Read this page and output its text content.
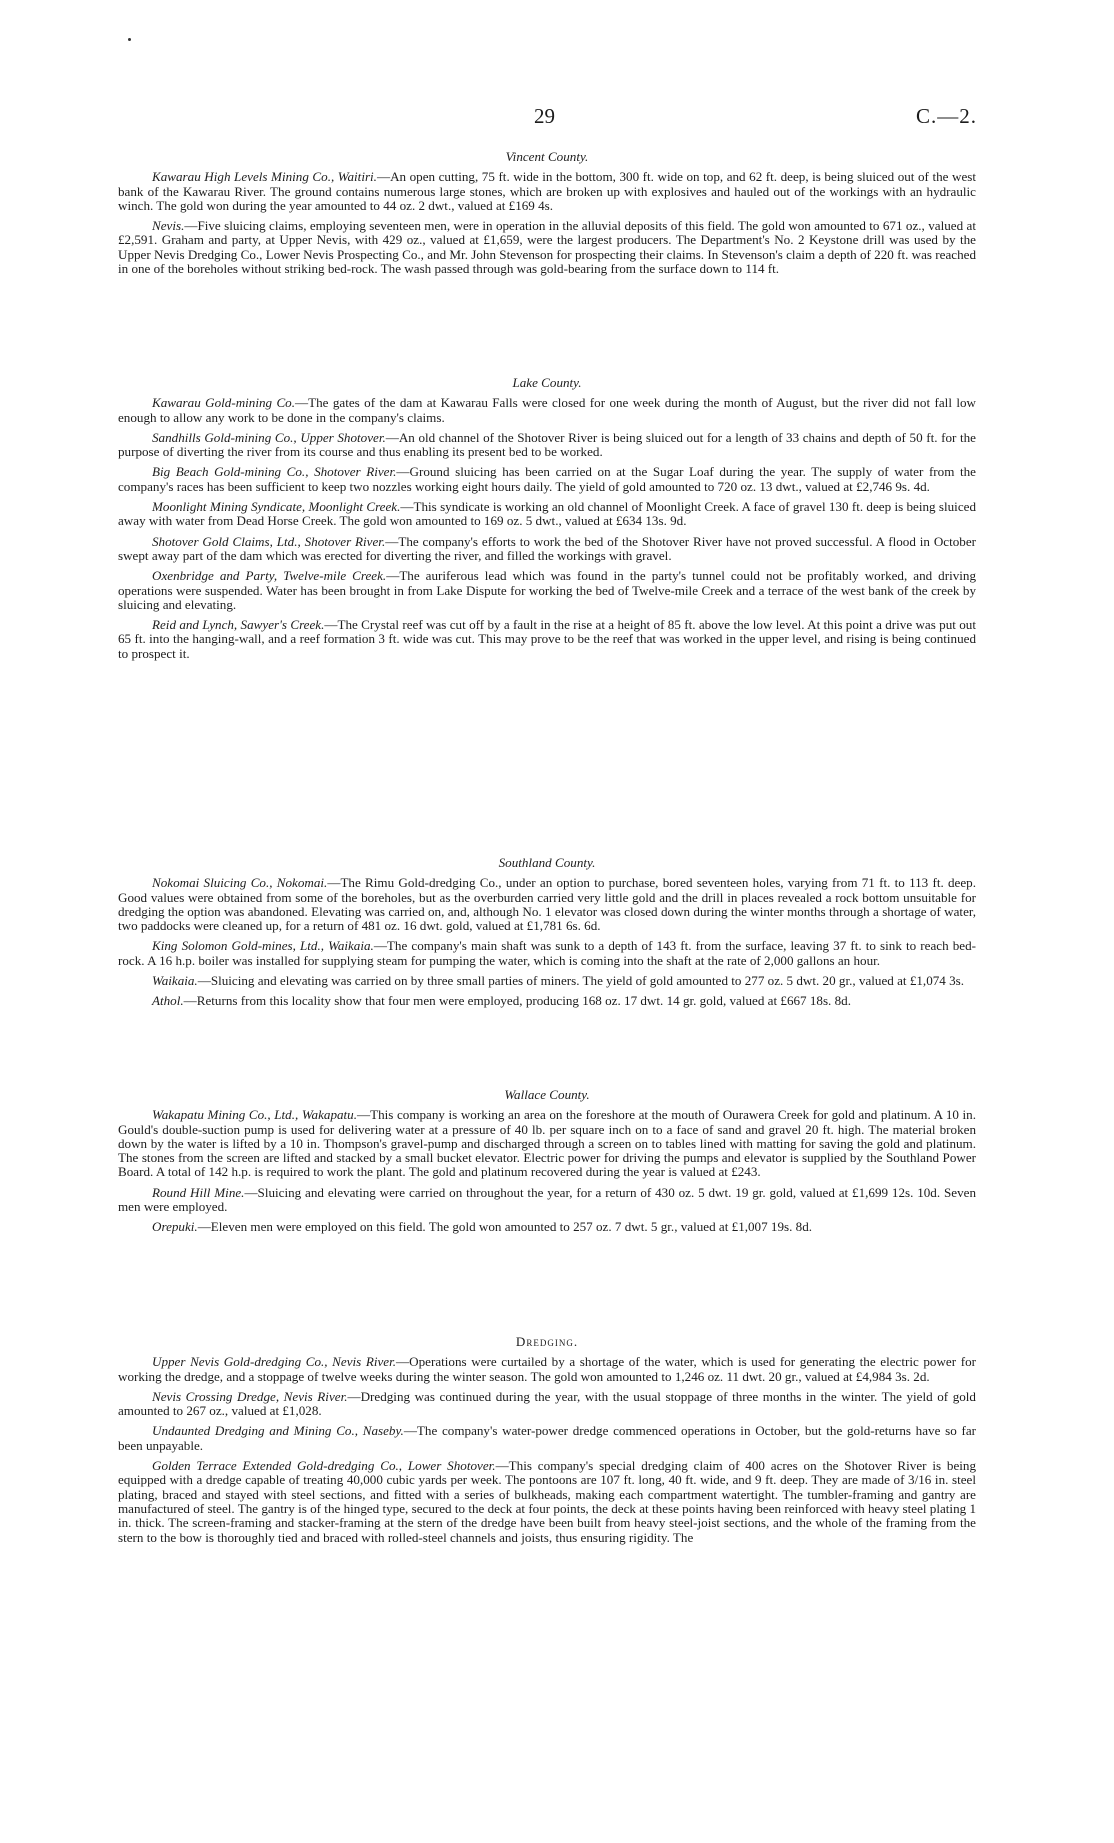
29	C.—2.
Vincent County.

Kawarau High Levels Mining Co., Waitiri.—An open cutting, 75 ft. wide in the bottom, 300 ft. wide on top, and 62 ft. deep, is being sluiced out of the west bank of the Kawarau River. The ground contains numerous large stones, which are broken up with explosives and hauled out of the workings with an hydraulic winch. The gold won during the year amounted to 44 oz. 2 dwt., valued at £169 4s.

Nevis.—Five sluicing claims, employing seventeen men, were in operation in the alluvial deposits of this field. The gold won amounted to 671 oz., valued at £2,591. Graham and party, at Upper Nevis, with 429 oz., valued at £1,659, were the largest producers. The Department's No. 2 Keystone drill was used by the Upper Nevis Dredging Co., Lower Nevis Prospecting Co., and Mr. John Stevenson for prospecting their claims. In Stevenson's claim a depth of 220 ft. was reached in one of the boreholes without striking bed-rock. The wash passed through was gold-bearing from the surface down to 114 ft.

Lake County.

Kawarau Gold-mining Co.—The gates of the dam at Kawarau Falls were closed for one week during the month of August, but the river did not fall low enough to allow any work to be done in the company's claims.

Sandhills Gold-mining Co., Upper Shotover.—An old channel of the Shotover River is being sluiced out for a length of 33 chains and depth of 50 ft. for the purpose of diverting the river from its course and thus enabling its present bed to be worked.

Big Beach Gold-mining Co., Shotover River.—Ground sluicing has been carried on at the Sugar Loaf during the year. The supply of water from the company's races has been sufficient to keep two nozzles working eight hours daily. The yield of gold amounted to 720 oz. 13 dwt., valued at £2,746 9s. 4d.

Moonlight Mining Syndicate, Moonlight Creek.—This syndicate is working an old channel of Moonlight Creek. A face of gravel 130 ft. deep is being sluiced away with water from Dead Horse Creek. The gold won amounted to 169 oz. 5 dwt., valued at £634 13s. 9d.

Shotover Gold Claims, Ltd., Shotover River.—The company's efforts to work the bed of the Shotover River have not proved successful. A flood in October swept away part of the dam which was erected for diverting the river, and filled the workings with gravel.

Oxenbridge and Party, Twelve-mile Creek.—The auriferous lead which was found in the party's tunnel could not be profitably worked, and driving operations were suspended. Water has been brought in from Lake Dispute for working the bed of Twelve-mile Creek and a terrace of the west bank of the creek by sluicing and elevating.

Reid and Lynch, Sawyer's Creek.—The Crystal reef was cut off by a fault in the rise at a height of 85 ft. above the low level. At this point a drive was put out 65 ft. into the hanging-wall, and a reef formation 3 ft. wide was cut. This may prove to be the reef that was worked in the upper level, and rising is being continued to prospect it.

Southland County.

Nokomai Sluicing Co., Nokomai.—The Rimu Gold-dredging Co., under an option to purchase, bored seventeen holes, varying from 71 ft. to 113 ft. deep. Good values were obtained from some of the boreholes, but as the overburden carried very little gold and the drill in places revealed a rock bottom unsuitable for dredging the option was abandoned. Elevating was carried on, and, although No. 1 elevator was closed down during the winter months through a shortage of water, two paddocks were cleaned up, for a return of 481 oz. 16 dwt. gold, valued at £1,781 6s. 6d.

King Solomon Gold-mines, Ltd., Waikaia.—The company's main shaft was sunk to a depth of 143 ft. from the surface, leaving 37 ft. to sink to reach bed-rock. A 16 h.p. boiler was installed for supplying steam for pumping the water, which is coming into the shaft at the rate of 2,000 gallons an hour.

Waikaia.—Sluicing and elevating was carried on by three small parties of miners. The yield of gold amounted to 277 oz. 5 dwt. 20 gr., valued at £1,074 3s.

Athol.—Returns from this locality show that four men were employed, producing 168 oz. 17 dwt. 14 gr. gold, valued at £667 18s. 8d.

Wallace County.

Wakapatu Mining Co., Ltd., Wakapatu.—This company is working an area on the foreshore at the mouth of Ourawera Creek for gold and platinum. A 10 in. Gould's double-suction pump is used for delivering water at a pressure of 40 lb. per square inch on to a face of sand and gravel 20 ft. high. The material broken down by the water is lifted by a 10 in. Thompson's gravel-pump and discharged through a screen on to tables lined with matting for saving the gold and platinum. The stones from the screen are lifted and stacked by a small bucket elevator. Electric power for driving the pumps and elevator is supplied by the Southland Power Board. A total of 142 h.p. is required to work the plant. The gold and platinum recovered during the year is valued at £243.

Round Hill Mine.—Sluicing and elevating were carried on throughout the year, for a return of 430 oz. 5 dwt. 19 gr. gold, valued at £1,699 12s. 10d. Seven men were employed.

Orepuki.—Eleven men were employed on this field. The gold won amounted to 257 oz. 7 dwt. 5 gr., valued at £1,007 19s. 8d.

Dredging.

Upper Nevis Gold-dredging Co., Nevis River.—Operations were curtailed by a shortage of the water, which is used for generating the electric power for working the dredge, and a stoppage of twelve weeks during the winter season. The gold won amounted to 1,246 oz. 11 dwt. 20 gr., valued at £4,984 3s. 2d.

Nevis Crossing Dredge, Nevis River.—Dredging was continued during the year, with the usual stoppage of three months in the winter. The yield of gold amounted to 267 oz., valued at £1,028.

Undaunted Dredging and Mining Co., Naseby.—The company's water-power dredge commenced operations in October, but the gold-returns have so far been unpayable.

Golden Terrace Extended Gold-dredging Co., Lower Shotover.—This company's special dredging claim of 400 acres on the Shotover River is being equipped with a dredge capable of treating 40,000 cubic yards per week. The pontoons are 107 ft. long, 40 ft. wide, and 9 ft. deep. They are made of 3/16 in. steel plating, braced and stayed with steel sections, and fitted with a series of bulkheads, making each compartment watertight. The tumbler-framing and gantry are manufactured of steel. The gantry is of the hinged type, secured to the deck at four points, the deck at these points having been reinforced with heavy steel plating 1 in. thick. The screen-framing and stacker-framing at the stern of the dredge have been built from heavy steel-joist sections, and the whole of the framing from the stern to the bow is thoroughly tied and braced with rolled-steel channels and joists, thus ensuring rigidity. The
